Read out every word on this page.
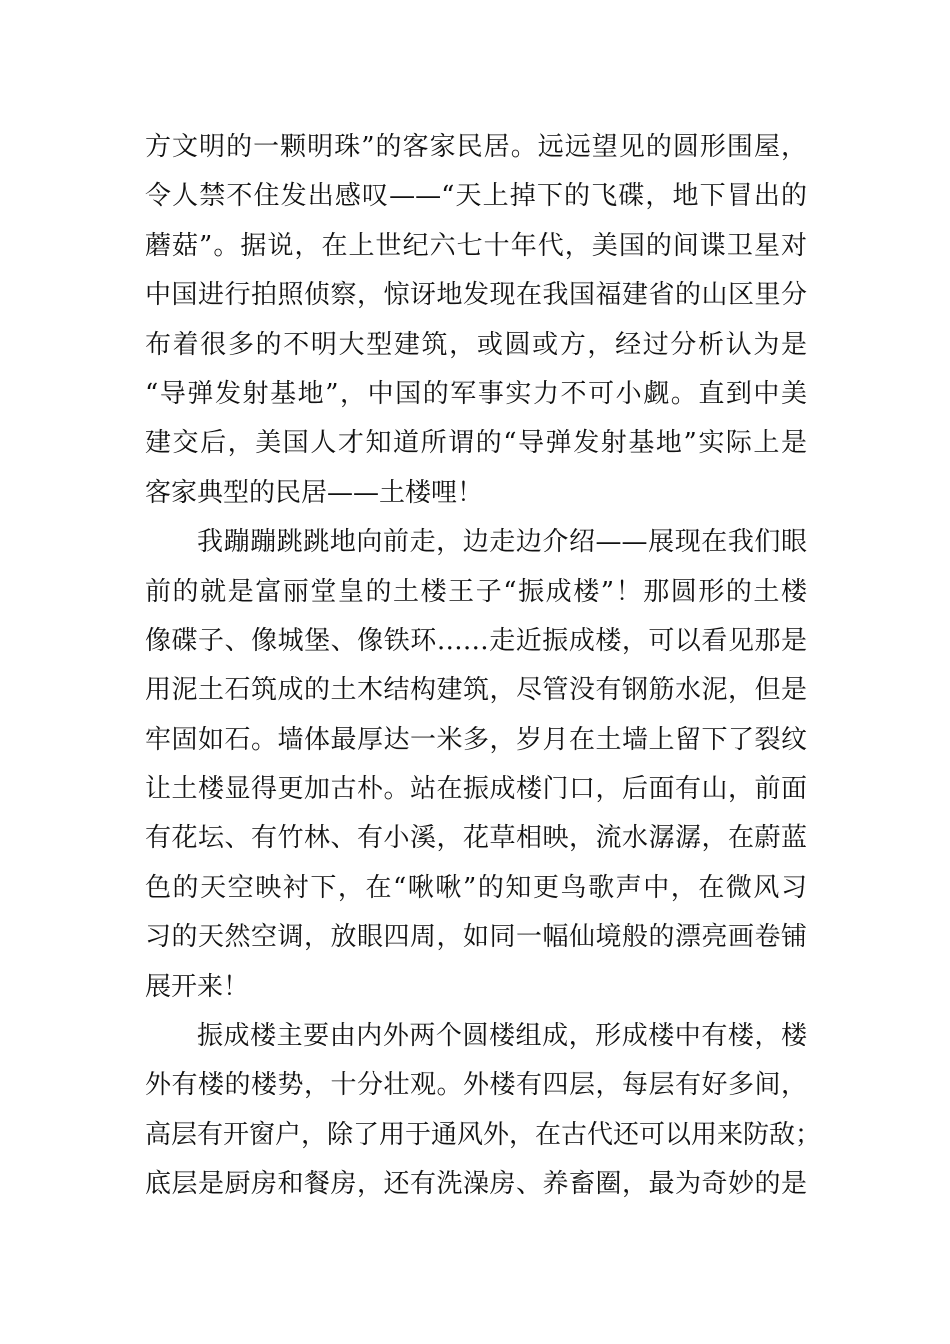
方文明的一颗明珠”的客家民居。远远望见的圆形围屋，
令人禁不住发出感叹——“天上掉下的飞碟，地下冒出的
蘑菇”。据说，在上世纪六七十年代，美国的间谍卫星对
中国进行拍照侦察，惊讶地发现在我国福建省的山区里分
布着很多的不明大型建筑，或圆或方，经过分析认为是
“导弹发射基地”，中国的军事实力不可小觑。直到中美
建交后，美国人才知道所谓的“导弹发射基地”实际上是
客家典型的民居——土楼哩！
我蹦蹦跳跳地向前走，边走边介绍——展现在我们眼
前的就是富丽堂皇的土楼王子“振成楼”！那圆形的土楼
像碟子、像城堡、像铁环……走近振成楼，可以看见那是
用泥土石筑成的土木结构建筑，尽管没有钢筋水泥，但是
牢固如石。墙体最厚达一米多，岁月在土墙上留下了裂纹
让土楼显得更加古朴。站在振成楼门口，后面有山，前面
有花坛、有竹林、有小溪，花草相映，流水潺潺，在蔚蓝
色的天空映衬下，在“啾啾”的知更鸟歌声中，在微风习
习的天然空调，放眼四周，如同一幅仙境般的漂亮画卷铺
展开来！
振成楼主要由内外两个圆楼组成，形成楼中有楼，楼
外有楼的楼势，十分壮观。外楼有四层，每层有好多间，
高层有开窗户，除了用于通风外，在古代还可以用来防敌；
底层是厨房和餐房，还有洗澡房、养畜圈，最为奇妙的是
